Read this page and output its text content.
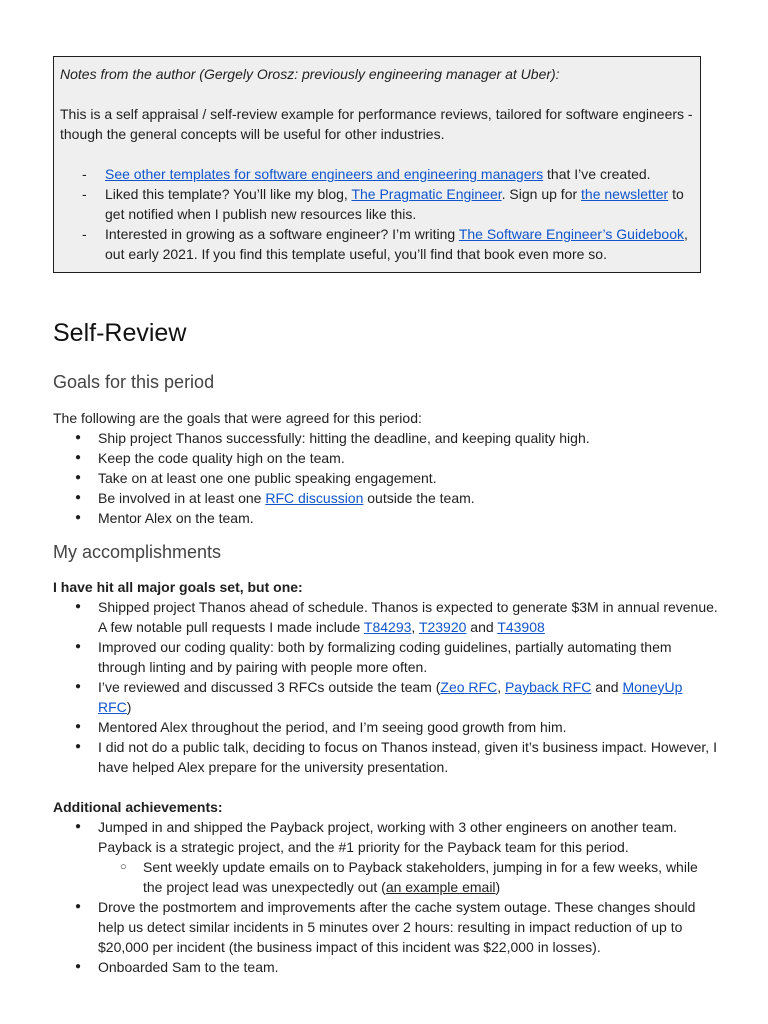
Notes from the author (Gergely Orosz: previously engineering manager at Uber):

This is a self appraisal / self-review example for performance reviews, tailored for software engineers - though the general concepts will be useful for other industries.

- See other templates for software engineers and engineering managers that I’ve created.
- Liked this template? You’ll like my blog, The Pragmatic Engineer. Sign up for the newsletter to get notified when I publish new resources like this.
- Interested in growing as a software engineer? I’m writing The Software Engineer’s Guidebook, out early 2021. If you find this template useful, you’ll find that book even more so.
Self-Review
Goals for this period

The following are the goals that were agreed for this period:

● Ship project Thanos successfully: hitting the deadline, and keeping quality high.
● Keep the code quality high on the team.
● Take on at least one one public speaking engagement.
● Be involved in at least one RFC discussion outside the team.
● Mentor Alex on the team.
My accomplishments

I have hit all major goals set, but one:

● Shipped project Thanos ahead of schedule. Thanos is expected to generate $3M in annual revenue. A few notable pull requests I made include T84293, T23920 and T43908
● Improved our coding quality: both by formalizing coding guidelines, partially automating them through linting and by pairing with people more often.
● I’ve reviewed and discussed 3 RFCs outside the team (Zeo RFC, Payback RFC and MoneyUp RFC)
● Mentored Alex throughout the period, and I’m seeing good growth from him.
● I did not do a public talk, deciding to focus on Thanos instead, given it’s business impact. However, I have helped Alex prepare for the university presentation.

Additional achievements:

● Jumped in and shipped the Payback project, working with 3 other engineers on another team. Payback is a strategic project, and the #1 priority for the Payback team for this period.
○ Sent weekly update emails on to Payback stakeholders, jumping in for a few weeks, while the project lead was unexpectedly out (an example email)
● Drove the postmortem and improvements after the cache system outage. These changes should help us detect similar incidents in 5 minutes over 2 hours: resulting in impact reduction of up to $20,000 per incident (the business impact of this incident was $22,000 in losses).
● Onboarded Sam to the team.
